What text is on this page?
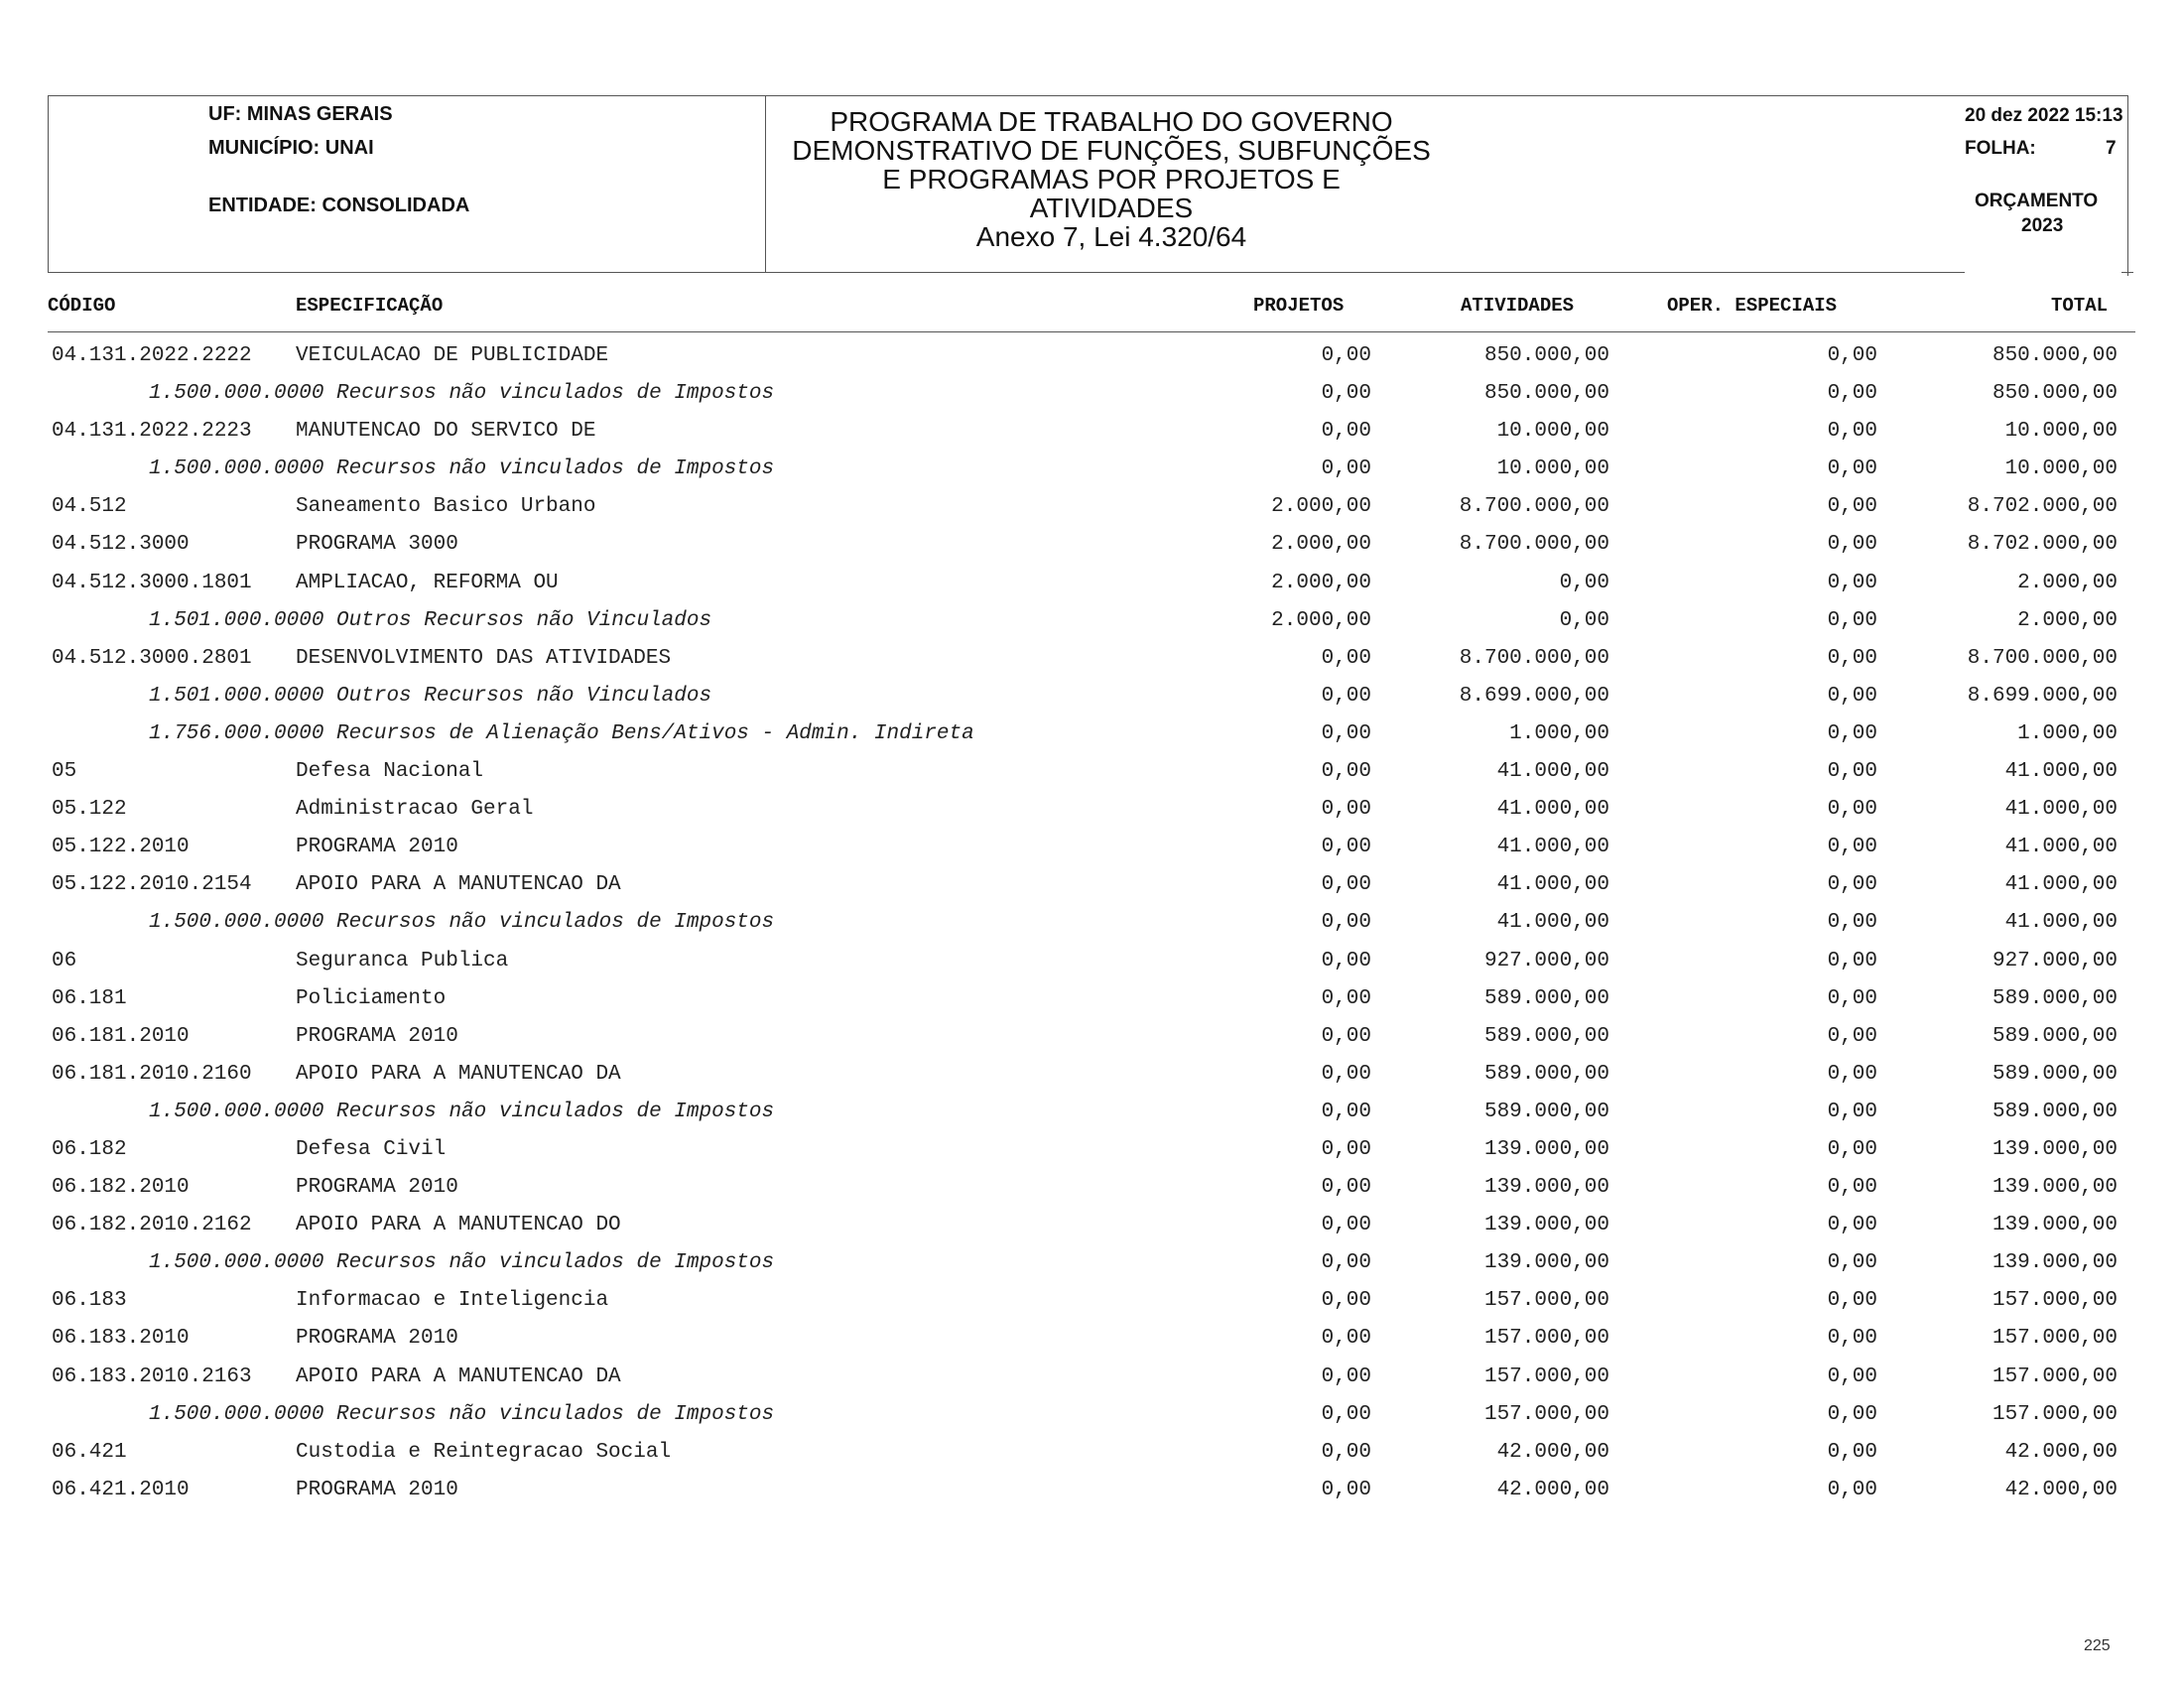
UF: MINAS GERAIS
MUNICÍPIO: UNAI
ENTIDADE: CONSOLIDADA
PROGRAMA DE TRABALHO DO GOVERNO
DEMONSTRATIVO DE FUNÇÕES, SUBFUNÇÕES
E PROGRAMAS POR PROJETOS E
ATIVIDADES
Anexo 7, Lei 4.320/64
20 dez 2022 15:13
FOLHA:	7
ORÇAMENTO
2023
CÓDIGO	ESPECIFICAÇÃO	PROJETOS	ATIVIDADES	OPER. ESPECIAIS	TOTAL
04.131.2022.2222 VEICULACAO DE PUBLICIDADE	0,00	850.000,00	0,00	850.000,00
1.500.000.0000 Recursos não vinculados de Impostos	0,00	850.000,00	0,00	850.000,00
04.131.2022.2223 MANUTENCAO DO SERVICO DE	0,00	10.000,00	0,00	10.000,00
1.500.000.0000 Recursos não vinculados de Impostos	0,00	10.000,00	0,00	10.000,00
04.512	Saneamento Basico Urbano	2.000,00	8.700.000,00	0,00	8.702.000,00
04.512.3000	PROGRAMA 3000	2.000,00	8.700.000,00	0,00	8.702.000,00
04.512.3000.1801 AMPLIACAO, REFORMA OU	2.000,00	0,00	0,00	2.000,00
1.501.000.0000 Outros Recursos não Vinculados	2.000,00	0,00	0,00	2.000,00
04.512.3000.2801 DESENVOLVIMENTO DAS ATIVIDADES	0,00	8.700.000,00	0,00	8.700.000,00
1.501.000.0000 Outros Recursos não Vinculados	0,00	8.699.000,00	0,00	8.699.000,00
1.756.000.0000 Recursos de Alienação Bens/Ativos - Admin. Indireta	0,00	1.000,00	0,00	1.000,00
05	Defesa Nacional	0,00	41.000,00	0,00	41.000,00
05.122	Administracao Geral	0,00	41.000,00	0,00	41.000,00
05.122.2010	PROGRAMA 2010	0,00	41.000,00	0,00	41.000,00
05.122.2010.2154 APOIO PARA A MANUTENCAO DA	0,00	41.000,00	0,00	41.000,00
1.500.000.0000 Recursos não vinculados de Impostos	0,00	41.000,00	0,00	41.000,00
06	Seguranca Publica	0,00	927.000,00	0,00	927.000,00
06.181	Policiamento	0,00	589.000,00	0,00	589.000,00
06.181.2010	PROGRAMA 2010	0,00	589.000,00	0,00	589.000,00
06.181.2010.2160 APOIO PARA A MANUTENCAO DA	0,00	589.000,00	0,00	589.000,00
1.500.000.0000 Recursos não vinculados de Impostos	0,00	589.000,00	0,00	589.000,00
06.182	Defesa Civil	0,00	139.000,00	0,00	139.000,00
06.182.2010	PROGRAMA 2010	0,00	139.000,00	0,00	139.000,00
06.182.2010.2162 APOIO PARA A MANUTENCAO DO	0,00	139.000,00	0,00	139.000,00
1.500.000.0000 Recursos não vinculados de Impostos	0,00	139.000,00	0,00	139.000,00
06.183	Informacao e Inteligencia	0,00	157.000,00	0,00	157.000,00
06.183.2010	PROGRAMA 2010	0,00	157.000,00	0,00	157.000,00
06.183.2010.2163 APOIO PARA A MANUTENCAO DA	0,00	157.000,00	0,00	157.000,00
1.500.000.0000 Recursos não vinculados de Impostos	0,00	157.000,00	0,00	157.000,00
06.421	Custodia e Reintegracao Social	0,00	42.000,00	0,00	42.000,00
06.421.2010	PROGRAMA 2010	0,00	42.000,00	0,00	42.000,00
225
